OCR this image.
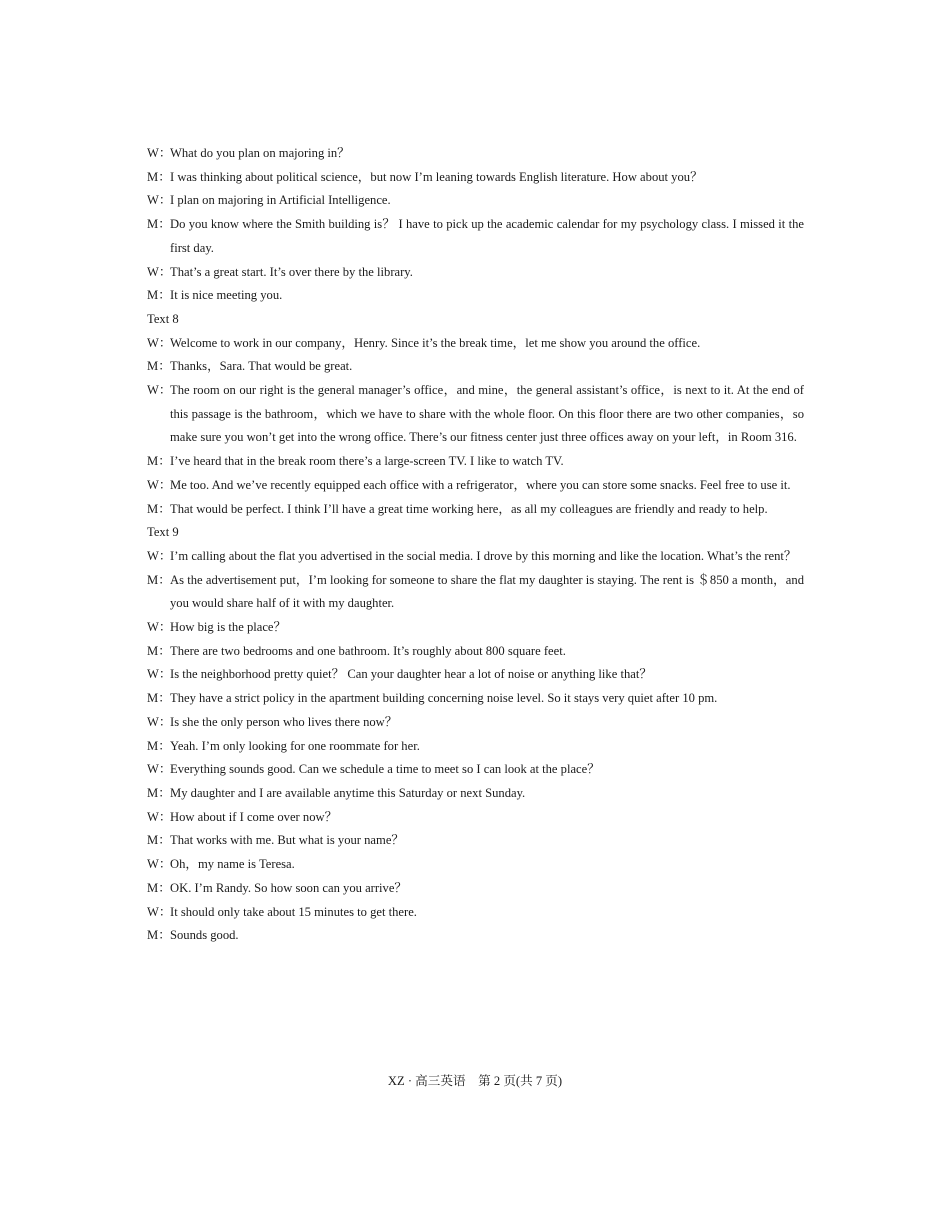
W：
What do you plan on majoring in？
M： I was thinking about political science，but now I’m leaning towards English literature. How about you？
W：
I plan on majoring in Artificial Intelligence.
M： Do you know where the Smith building is？ I have to pick up the academic calendar for my psychology class. I missed it the first day.
W：
That’s a great start. It’s over there by the library.
M： It is nice meeting you.
Text 8
W：
Welcome to work in our company，Henry. Since it’s the break time，let me show you around the office.
M： Thanks，Sara. That would be great.
W：
The room on our right is the general manager’s office，and mine，the general assistant’s office，is next to it. At the end of this passage is the bathroom，which we have to share with the whole floor. On this floor there are two other companies，so make sure you won’t get into the wrong office. There’s our fitness center just three offices away on your left，in Room 316.
M： I’ve heard that in the break room there’s a large-screen TV. I like to watch TV.
W：
Me too. And we’ve recently equipped each office with a refrigerator，where you can store some snacks. Feel free to use it.
M： That would be perfect. I think I’ll have a great time working here，as all my colleagues are friendly and ready to help.
Text 9
W：
I’m calling about the flat you advertised in the social media. I drove by this morning and like the location. What’s the rent？
M： As the advertisement put，I’m looking for someone to share the flat my daughter is staying. The rent is ＄850 a month，and you would share half of it with my daughter.
W：
How big is the place？
M： There are two bedrooms and one bathroom. It’s roughly about 800 square feet.
W：
Is the neighborhood pretty quiet？ Can your daughter hear a lot of noise or anything like that？
M： They have a strict policy in the apartment building concerning noise level. So it stays very quiet after 10 pm.
W：
Is she the only person who lives there now？
M： Yeah. I’m only looking for one roommate for her.
W：
Everything sounds good. Can we schedule a time to meet so I can look at the place？
M： My daughter and I are available anytime this Saturday or next Sunday.
W：
How about if I come over now？
M： That works with me. But what is your name？
W：
Oh，my name is Teresa.
M： OK. I’m Randy. So how soon can you arrive？
W：
It should only take about 15 minutes to get there.
M： Sounds good.
XZ · 高三英语　第 2 页(共 7 页)
